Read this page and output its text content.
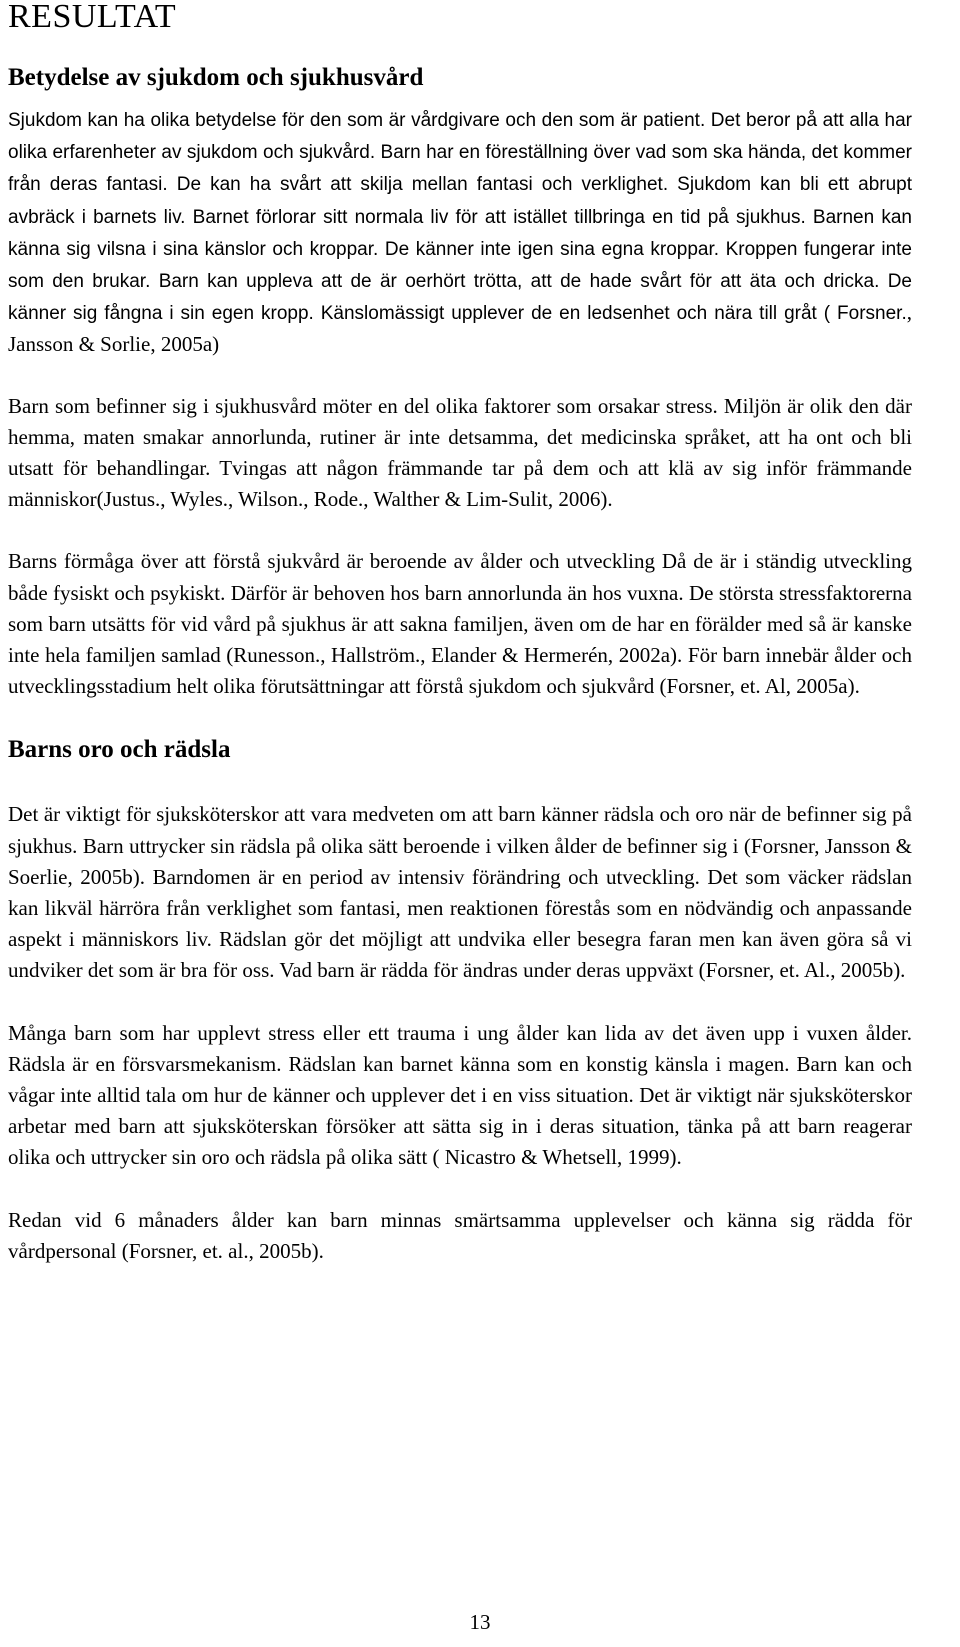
RESULTAT
Betydelse av sjukdom och sjukhusvård

Sjukdom kan ha olika betydelse för den som är vårdgivare och den som är patient. Det beror på att alla har olika erfarenheter av sjukdom och sjukvård. Barn har en föreställning över vad som ska hända, det kommer från deras fantasi. De kan ha svårt att skilja mellan fantasi och verklighet. Sjukdom kan bli ett abrupt avbräck i barnets liv. Barnet förlorar sitt normala liv för att istället tillbringa en tid på sjukhus. Barnen kan känna sig vilsna i sina känslor och kroppar. De känner inte igen sina egna kroppar. Kroppen fungerar inte som den brukar. Barn kan uppleva att de är oerhört trötta, att de hade svårt för att äta och dricka. De känner sig fångna i sin egen kropp. Känslomässigt upplever de en ledsenhet och nära till gråt ( Forsner., Jansson & Sorlie, 2005a)

Barn som befinner sig i sjukhusvård möter en del olika faktorer som orsakar stress. Miljön är olik den där hemma, maten smakar annorlunda, rutiner är inte detsamma, det medicinska språket, att ha ont och bli utsatt för behandlingar. Tvingas att någon främmande tar på dem och att klä av sig inför främmande människor(Justus., Wyles., Wilson., Rode., Walther & Lim-Sulit, 2006).

Barns förmåga över att förstå sjukvård är beroende av ålder och utveckling Då de är i ständig utveckling både fysiskt och psykiskt. Därför är behoven hos barn annorlunda än hos vuxna. De största stressfaktorerna som barn utsätts för vid vård på sjukhus är att sakna familjen, även om de har en förälder med så är kanske inte hela familjen samlad (Runesson., Hallström., Elander & Hermerén, 2002a). För barn innebär ålder och utvecklingsstadium helt olika förutsättningar att förstå sjukdom och sjukvård (Forsner, et. Al, 2005a).

Barns oro och rädsla

Det är viktigt för sjuksköterskor att vara medveten om att barn känner rädsla och oro när de befinner sig på sjukhus. Barn uttrycker sin rädsla på olika sätt beroende i vilken ålder de befinner sig i (Forsner, Jansson & Soerlie, 2005b). Barndomen är en period av intensiv förändring och utveckling. Det som väcker rädslan kan likväl härröra från verklighet som fantasi, men reaktionen förestås som en nödvändig och anpassande aspekt i människors liv. Rädslan gör det möjligt att undvika eller besegra faran men kan även göra så vi undviker det som är bra för oss. Vad barn är rädda för ändras under deras uppväxt (Forsner, et. Al., 2005b).

Många barn som har upplevt stress eller ett trauma i ung ålder kan lida av det även upp i vuxen ålder. Rädsla är en försvarsmekanism. Rädslan kan barnet känna som en konstig känsla i magen. Barn kan och vågar inte alltid tala om hur de känner och upplever det i en viss situation. Det är viktigt när sjuksköterskor arbetar med barn att sjuksköterskan försöker att sätta sig in i deras situation, tänka på att barn reagerar olika och uttrycker sin oro och rädsla på olika sätt ( Nicastro & Whetsell, 1999).

Redan vid 6 månaders ålder kan barn minnas smärtsamma upplevelser och känna sig rädda för vårdpersonal (Forsner, et. al., 2005b).

13
